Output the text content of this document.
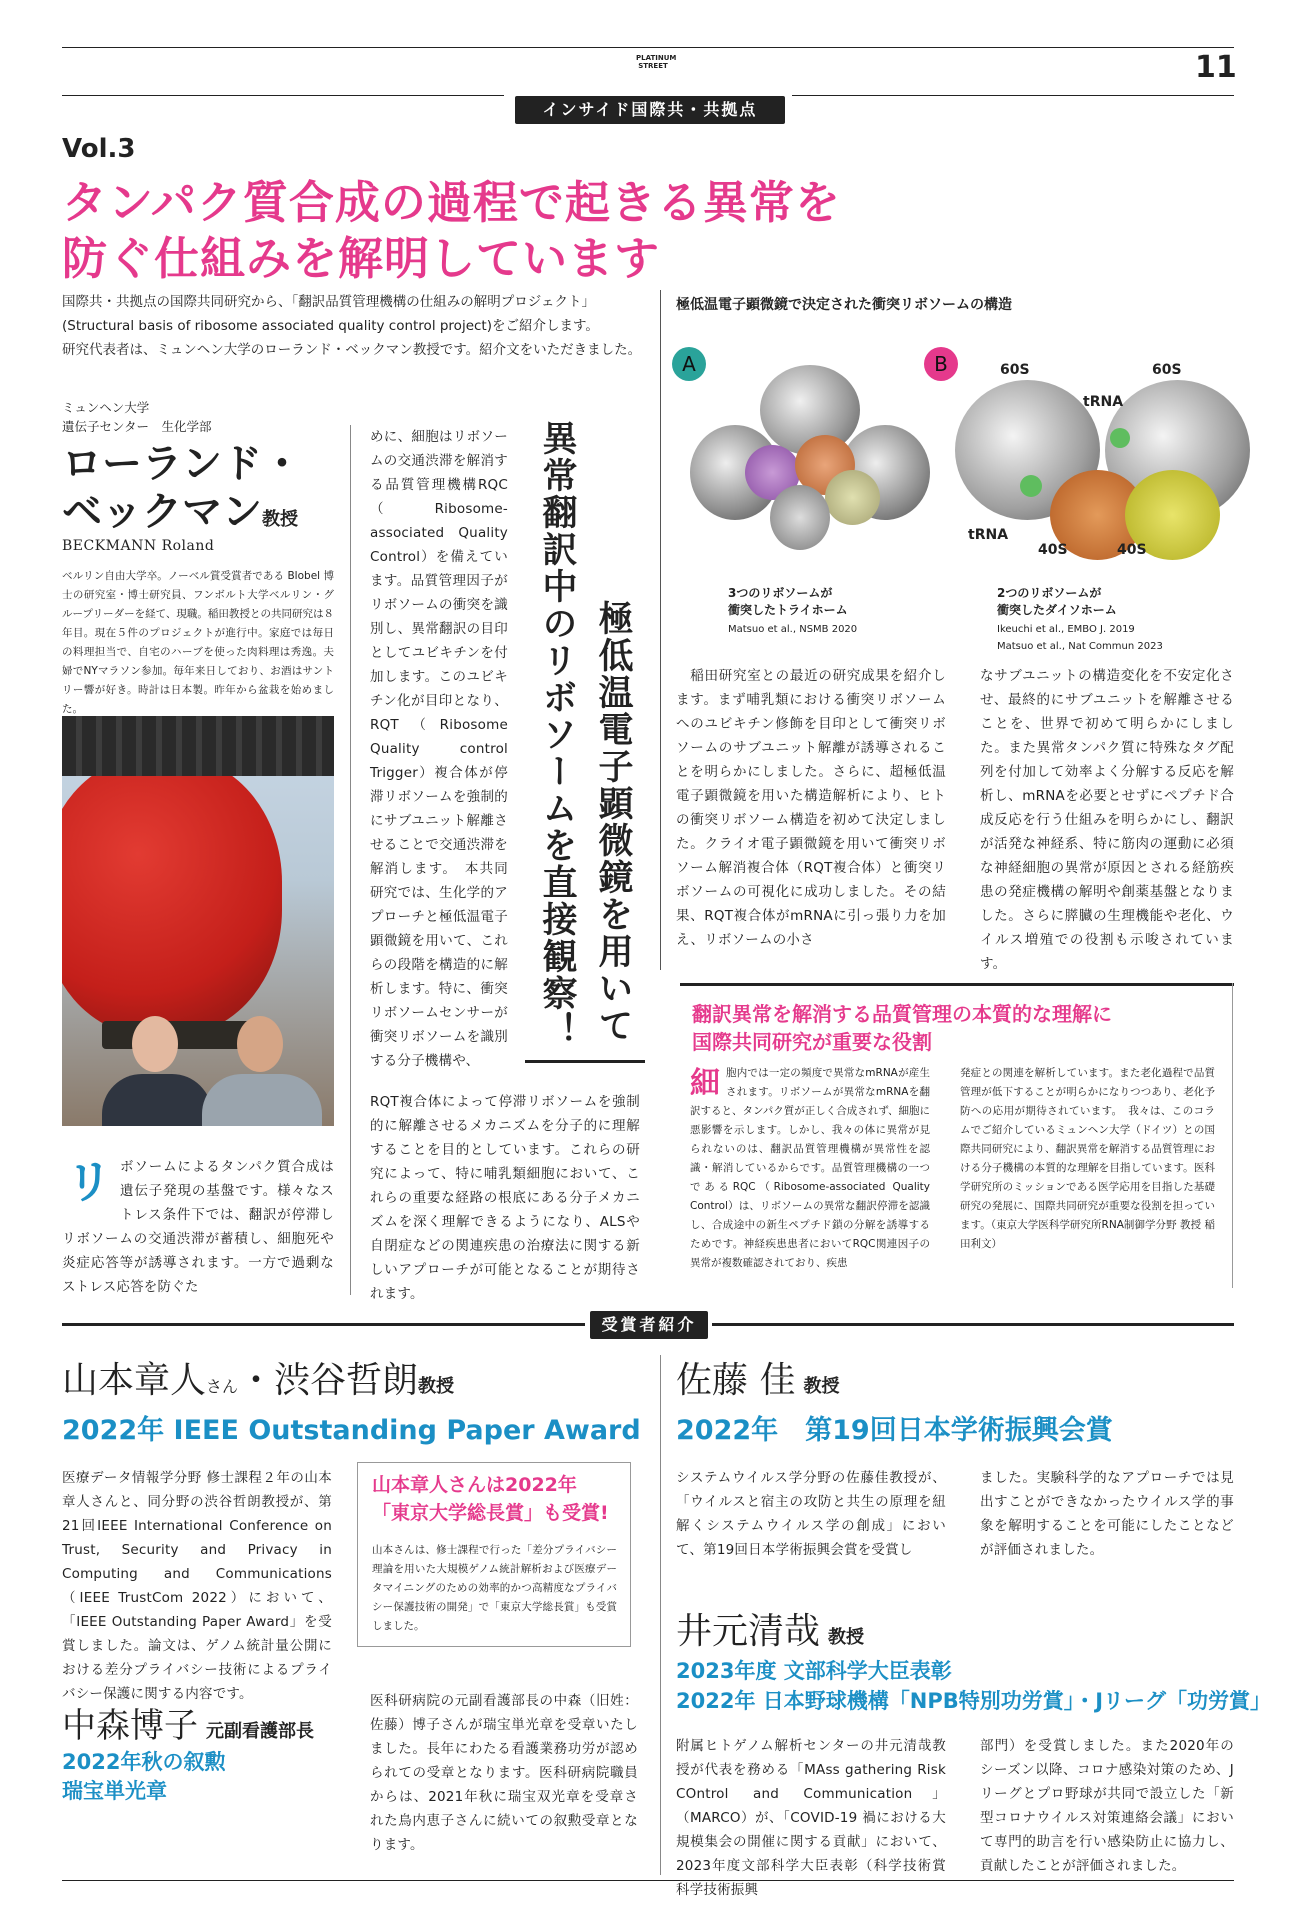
PLATINUM
STREET	11
インサイド国際共・共拠点
Vol.3
タンパク質合成の過程で起きる異常を
防ぐ仕組みを解明しています
国際共・共拠点の国際共同研究から、「翻訳品質管理機構の仕組みの解明プロジェクト」
(Structural basis of ribosome associated quality control project)をご紹介します。
研究代表者は、ミュンヘン大学のローランド・ベックマン教授です。紹介文をいただきました。
ミュンヘン大学
遺伝子センター　生化学部
ローランド・
ベックマン教授
BECKMANN Roland
ベルリン自由大学卒。ノーベル賞受賞者である Blobel 博士の研究室・博士研究員、フンボルト大学ベルリン・グループリーダーを経て、現職。稲田教授との共同研究は８年目。現在５件のプロジェクトが進行中。家庭では毎日の料理担当で、自宅のハーブを使った肉料理は秀逸。夫婦でNYマラソン参加。毎年来日しており、お酒はサントリー響が好き。時計は日本製。昨年から盆栽を始めました。
リ ボソームによるタンパク質合成は遺伝子発現の基盤です。様々なストレス条件下では、翻訳が停滞しリボソームの交通渋滞が蓄積し、細胞死や炎症応答等が誘導されます。一方で過剰なストレス応答を防ぐた
めに、細胞はリボソームの交通渋滞を解消する品質管理機構RQC（Ribosome-associated Quality Control）を備えています。品質管理因子がリボソームの衝突を識別し、異常翻訳の目印としてユビキチンを付加します。このユビキチン化が目印となり、RQT（Ribosome Quality control Trigger）複合体が停滞リボソームを強制的にサブユニット解離させることで交通渋滞を解消します。　本共同研究では、生化学的アプローチと極低温電子顕微鏡を用いて、これらの段階を構造的に解析します。特に、衝突リボソームセンサーが衝突リボソームを識別する分子機構や、
RQT複合体によって停滞リボソームを強制的に解離させるメカニズムを分子的に理解することを目的としています。これらの研究によって、特に哺乳類細胞において、これらの重要な経路の根底にある分子メカニズムを深く理解できるようになり、ALSや自閉症などの関連疾患の治療法に関する新しいアプローチが可能となることが期待されます。
極低温電子顕微鏡を用いて
異常翻訳中のリボソームを直接観察！
極低温電子顕微鏡で決定された衝突リボソームの構造
A	B	60S	60S
tRNA
tRNA
40S	40S
3つのリボソームが
衝突したトライホーム
Matsuo et al., NSMB 2020
2つのリボソームが
衝突したダイソホーム
Ikeuchi et al., EMBO J. 2019
Matsuo et al., Nat Commun 2023
　稲田研究室との最近の研究成果を紹介します。まず哺乳類における衝突リボソームへのユビキチン修飾を目印として衝突リボソームのサブユニット解離が誘導されることを明らかにしました。さらに、超極低温電子顕微鏡を用いた構造解析により、ヒトの衝突リボソーム構造を初めて決定しました。クライオ電子顕微鏡を用いて衝突リボソーム解消複合体（RQT複合体）と衝突リボソームの可視化に成功しました。その結果、RQT複合体がmRNAに引っ張り力を加え、リボソームの小さ
なサブユニットの構造変化を不安定化させ、最終的にサブユニットを解離させることを、世界で初めて明らかにしました。また異常タンパク質に特殊なタグ配列を付加して効率よく分解する反応を解析し、mRNAを必要とせずにペプチド合成反応を行う仕組みを明らかにし、翻訳が活発な神経系、特に筋肉の運動に必須な神経細胞の異常が原因とされる経筋疾患の発症機構の解明や創薬基盤となりました。さらに膵臓の生理機能や老化、ウイルス増殖での役割も示唆されています。
翻訳異常を解消する品質管理の本質的な理解に
国際共同研究が重要な役割
細 胞内では一定の頻度で異常なmRNAが産生されます。リボソームが異常なmRNAを翻訳すると、タンパク質が正しく合成されず、細胞に悪影響を示します。しかし、我々の体に異常が見られないのは、翻訳品質管理機構が異常性を認識・解消しているからです。品質管理機構の一つであるRQC（Ribosome-associated Quality Control）は、リボソームの異常な翻訳停滞を認識し、合成途中の新生ペプチド鎖の分解を誘導するためです。神経疾患患者においてRQC関連因子の異常が複数確認されており、疾患
発症との関連を解析しています。また老化過程で品質管理が低下することが明らかになりつつあり、老化予防への応用が期待されています。　我々は、このコラムでご紹介しているミュンヘン大学（ドイツ）との国際共同研究により、翻訳異常を解消する品質管理における分子機構の本質的な理解を目指しています。医科学研究所のミッションである医学応用を目指した基礎研究の発展に、国際共同研究が重要な役割を担っています。（東京大学医科学研究所RNA制御学分野 教授 稲田利文）
受賞者紹介
山本章人さん・渋谷哲朗教授
2022年 IEEE Outstanding Paper Award
医療データ情報学分野 修士課程２年の山本章人さんと、同分野の渋谷哲朗教授が、第21回IEEE International Conference on Trust, Security and Privacy in Computing and Communications（IEEE TrustCom 2022）において、「IEEE Outstanding Paper Award」を受賞しました。論文は、ゲノム統計量公開における差分プライバシー技術によるプライバシー保護に関する内容です。
山本章人さんは2022年
「東京大学総長賞」も受賞!
山本さんは、修士課程で行った「差分プライバシー理論を用いた大規模ゲノム統計解析および医療データマイニングのための効率的かつ高精度なプライバシー保護技術の開発」で「東京大学総長賞」も受賞しました。
中森博子 元副看護部長
2022年秋の叙勲
瑞宝単光章
医科研病院の元副看護部長の中森（旧姓：佐藤）博子さんが瑞宝単光章を受章いたしました。長年にわたる看護業務功労が認められての受章となります。医科研病院職員からは、2021年秋に瑞宝双光章を受章された鳥内恵子さんに続いての叙勲受章となります。
佐藤 佳 教授
2022年　第19回日本学術振興会賞
システムウイルス学分野の佐藤佳教授が、「ウイルスと宿主の攻防と共生の原理を紐解くシステムウイルス学の創成」において、第19回日本学術振興会賞を受賞し
ました。実験科学的なアプローチでは見出すことができなかったウイルス学的事象を解明することを可能にしたことなどが評価されました。
井元清哉 教授
2023年度 文部科学大臣表彰
2022年 日本野球機構「NPB特別功労賞」・Jリーグ「功労賞」
附属ヒトゲノム解析センターの井元清哉教授が代表を務める「MAss gathering Risk COntrol and Communication」（MARCO）が、「COVID-19 禍における大規模集会の開催に関する貢献」において、2023年度文部科学大臣表彰（科学技術賞 科学技術振興
部門）を受賞しました。また2020年のシーズン以降、コロナ感染対策のため、Jリーグとプロ野球が共同で設立した「新型コロナウイルス対策連絡会議」において専門的助言を行い感染防止に協力し、貢献したことが評価されました。
